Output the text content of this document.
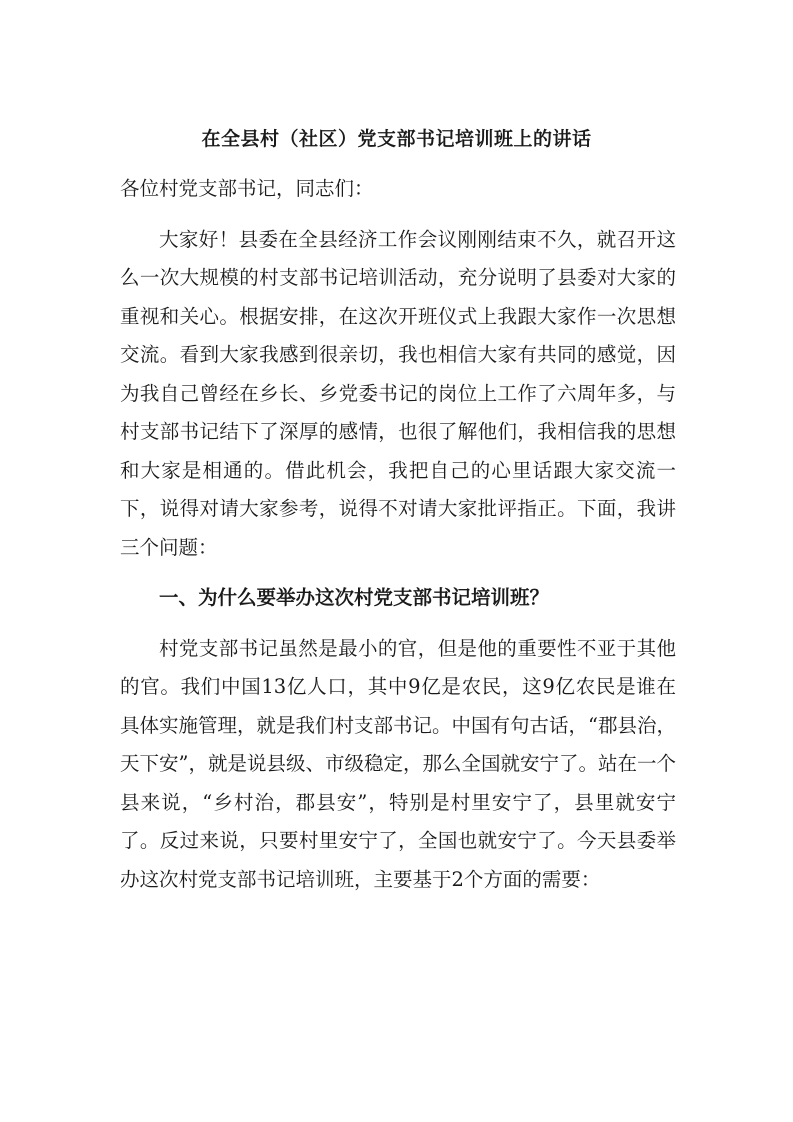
在全县村（社区）党支部书记培训班上的讲话

各位村党支部书记，同志们：

大家好！县委在全县经济工作会议刚刚结束不久，就召开这么一次大规模的村支部书记培训活动，充分说明了县委对大家的重视和关心。根据安排，在这次开班仪式上我跟大家作一次思想交流。看到大家我感到很亲切，我也相信大家有共同的感觉，因为我自己曾经在乡长、乡党委书记的岗位上工作了六周年多，与村支部书记结下了深厚的感情，也很了解他们，我相信我的思想和大家是相通的。借此机会，我把自己的心里话跟大家交流一下，说得对请大家参考，说得不对请大家批评指正。下面，我讲三个问题：

一、为什么要举办这次村党支部书记培训班？

村党支部书记虽然是最小的官，但是他的重要性不亚于其他的官。我们中国13亿人口，其中9亿是农民，这9亿农民是谁在具体实施管理，就是我们村支部书记。中国有句古话，“郡县治，天下安”，就是说县级、市级稳定，那么全国就安宁了。站在一个县来说，“乡村治，郡县安”，特别是村里安宁了，县里就安宁了。反过来说，只要村里安宁了，全国也就安宁了。今天县委举办这次村党支部书记培训班，主要基于2个方面的需要：
